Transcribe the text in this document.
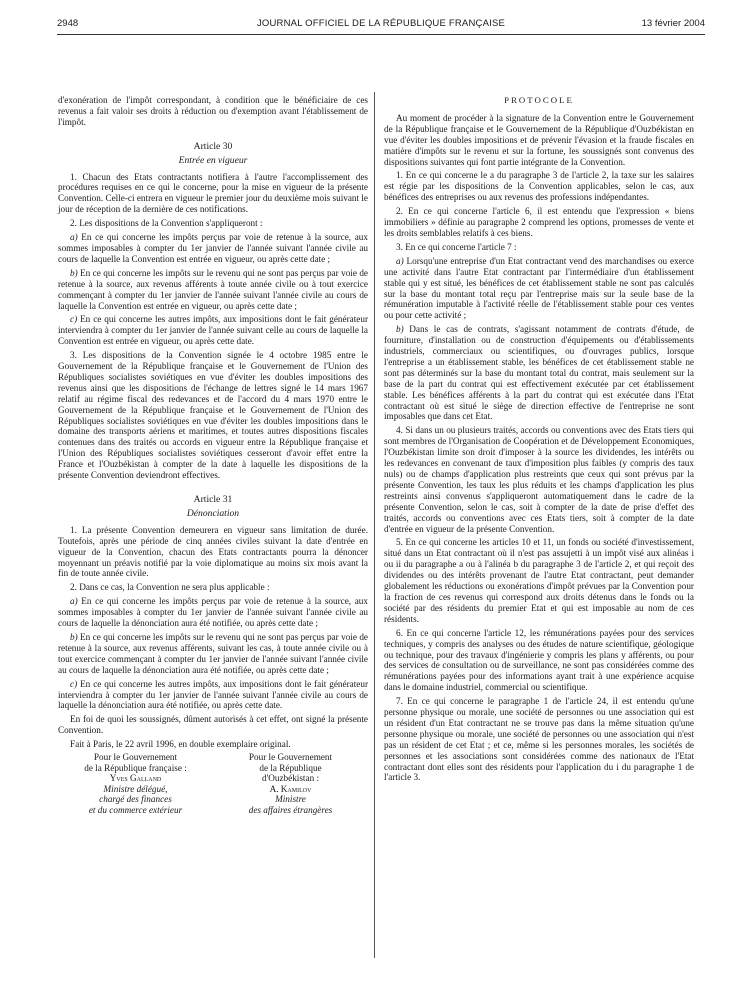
2948	JOURNAL OFFICIEL DE LA RÉPUBLIQUE FRANÇAISE	13 février 2004

d'exonération de l'impôt correspondant, à condition que le bénéficiaire de ces revenus a fait valoir ses droits à réduction ou d'exemption avant l'établissement de l'impôt.

Article 30
Entrée en vigueur

1. Chacun des Etats contractants notifiera à l'autre l'accomplissement des procédures requises en ce qui le concerne, pour la mise en vigueur de la présente Convention. Celle-ci entrera en vigueur le premier jour du deuxième mois suivant le jour de réception de la dernière de ces notifications.

2. Les dispositions de la Convention s'appliqueront :

a) En ce qui concerne les impôts perçus par voie de retenue à la source, aux sommes imposables à compter du 1er janvier de l'année suivant l'année civile au cours de laquelle la Convention est entrée en vigueur, ou après cette date ;

b) En ce qui concerne les impôts sur le revenu qui ne sont pas perçus par voie de retenue à la source, aux revenus afférents à toute année civile ou à tout exercice commençant à compter du 1er janvier de l'année suivant l'année civile au cours de laquelle la Convention est entrée en vigueur, ou après cette date ;

c) En ce qui concerne les autres impôts, aux impositions dont le fait générateur interviendra à compter du 1er janvier de l'année suivant celle au cours de laquelle la Convention est entrée en vigueur, ou après cette date.

3. Les dispositions de la Convention signée le 4 octobre 1985 entre le Gouvernement de la République française et le Gouvernement de l'Union des Républiques socialistes soviétiques en vue d'éviter les doubles impositions des revenus ainsi que les dispositions de l'échange de lettres signé le 14 mars 1967 relatif au régime fiscal des redevances et de l'accord du 4 mars 1970 entre le Gouvernement de la République française et le Gouvernement de l'Union des Républiques socialistes soviétiques en vue d'éviter les doubles impositions dans le domaine des transports aériens et maritimes, et toutes autres dispositions fiscales contenues dans des traités ou accords en vigueur entre la République française et l'Union des Républiques socialistes soviétiques cesseront d'avoir effet entre la France et l'Ouzbékistan à compter de la date à laquelle les dispositions de la présente Convention deviendront effectives.

Article 31
Dénonciation

1. La présente Convention demeurera en vigueur sans limitation de durée. Toutefois, après une période de cinq années civiles suivant la date d'entrée en vigueur de la Convention, chacun des Etats contractants pourra la dénoncer moyennant un préavis notifié par la voie diplomatique au moins six mois avant la fin de toute année civile.

2. Dans ce cas, la Convention ne sera plus applicable :

a) En ce qui concerne les impôts perçus par voie de retenue à la source, aux sommes imposables à compter du 1er janvier de l'année suivant l'année civile au cours de laquelle la dénonciation aura été notifiée, ou après cette date ;

b) En ce qui concerne les impôts sur le revenu qui ne sont pas perçus par voie de retenue à la source, aux revenus afférents, suivant les cas, à toute année civile ou à tout exercice commençant à compter du 1er janvier de l'année suivant l'année civile au cours de laquelle la dénonciation aura été notifiée, ou après cette date ;

c) En ce qui concerne les autres impôts, aux impositions dont le fait générateur interviendra à compter du 1er janvier de l'année suivant l'année civile au cours de laquelle la dénonciation aura été notifiée, ou après cette date.

En foi de quoi les soussignés, dûment autorisés à cet effet, ont signé la présente Convention.

Fait à Paris, le 22 avril 1996, en double exemplaire original.

Pour le Gouvernement
de la République française :
Yves Galland
Ministre délégué,
chargé des finances
et du commerce extérieur
Pour le Gouvernement
de la République
d'Ouzbékistan :
A. Kamilov
Ministre
des affaires étrangères
PROTOCOLE

Au moment de procéder à la signature de la Convention entre le Gouvernement de la République française et le Gouvernement de la République d'Ouzbékistan en vue d'éviter les doubles impositions et de prévenir l'évasion et la fraude fiscales en matière d'impôts sur le revenu et sur la fortune, les soussignés sont convenus des dispositions suivantes qui font partie intégrante de la Convention.

1. En ce qui concerne le a du paragraphe 3 de l'article 2, la taxe sur les salaires est régie par les dispositions de la Convention applicables, selon le cas, aux bénéfices des entreprises ou aux revenus des professions indépendantes.

2. En ce qui concerne l'article 6, il est entendu que l'expression « biens immobiliers » définie au paragraphe 2 comprend les options, promesses de vente et les droits semblables relatifs à ces biens.

3. En ce qui concerne l'article 7 :

a) Lorsqu'une entreprise d'un Etat contractant vend des marchandises ou exerce une activité dans l'autre Etat contractant par l'intermédiaire d'un établissement stable qui y est situé, les bénéfices de cet établissement stable ne sont pas calculés sur la base du montant total reçu par l'entreprise mais sur la seule base de la rémunération imputable à l'activité réelle de l'établissement stable pour ces ventes ou pour cette activité ;

b) Dans le cas de contrats, s'agissant notamment de contrats d'étude, de fourniture, d'installation ou de construction d'équipements ou d'établissements industriels, commerciaux ou scientifiques, ou d'ouvrages publics, lorsque l'entreprise a un établissement stable, les bénéfices de cet établissement stable ne sont pas déterminés sur la base du montant total du contrat, mais seulement sur la base de la part du contrat qui est effectivement exécutée par cet établissement stable. Les bénéfices afférents à la part du contrat qui est exécutée dans l'Etat contractant où est situé le siège de direction effective de l'entreprise ne sont imposables que dans cet Etat.

4. Si dans un ou plusieurs traités, accords ou conventions avec des Etats tiers qui sont membres de l'Organisation de Coopération et de Développement Economiques, l'Ouzbékistan limite son droit d'imposer à la source les dividendes, les intérêts ou les redevances en convenant de taux d'imposition plus faibles (y compris des taux nuls) ou de champs d'application plus restreints que ceux qui sont prévus par la présente Convention, les taux les plus réduits et les champs d'application les plus restreints ainsi convenus s'appliqueront automatiquement dans le cadre de la présente Convention, selon le cas, soit à compter de la date de prise d'effet des traités, accords ou conventions avec ces Etats tiers, soit à compter de la date d'entrée en vigueur de la présente Convention.

5. En ce qui concerne les articles 10 et 11, un fonds ou société d'investissement, situé dans un Etat contractant où il n'est pas assujetti à un impôt visé aux alinéas i ou ii du paragraphe a ou à l'alinéa b du paragraphe 3 de l'article 2, et qui reçoit des dividendes ou des intérêts provenant de l'autre Etat contractant, peut demander globalement les réductions ou exonérations d'impôt prévues par la Convention pour la fraction de ces revenus qui correspond aux droits détenus dans le fonds ou la société par des résidents du premier Etat et qui est imposable au nom de ces résidents.

6. En ce qui concerne l'article 12, les rémunérations payées pour des services techniques, y compris des analyses ou des études de nature scientifique, géologique ou technique, pour des travaux d'ingénierie y compris les plans y afférents, ou pour des services de consultation ou de surveillance, ne sont pas considérées comme des rémunérations payées pour des informations ayant trait à une expérience acquise dans le domaine industriel, commercial ou scientifique.

7. En ce qui concerne le paragraphe 1 de l'article 24, il est entendu qu'une personne physique ou morale, une société de personnes ou une association qui est un résident d'un Etat contractant ne se trouve pas dans la même situation qu'une personne physique ou morale, une société de personnes ou une association qui n'est pas un résident de cet Etat ; et ce, même si les personnes morales, les sociétés de personnes et les associations sont considérées comme des nationaux de l'Etat contractant dont elles sont des résidents pour l'application du i du paragraphe 1 de l'article 3.
